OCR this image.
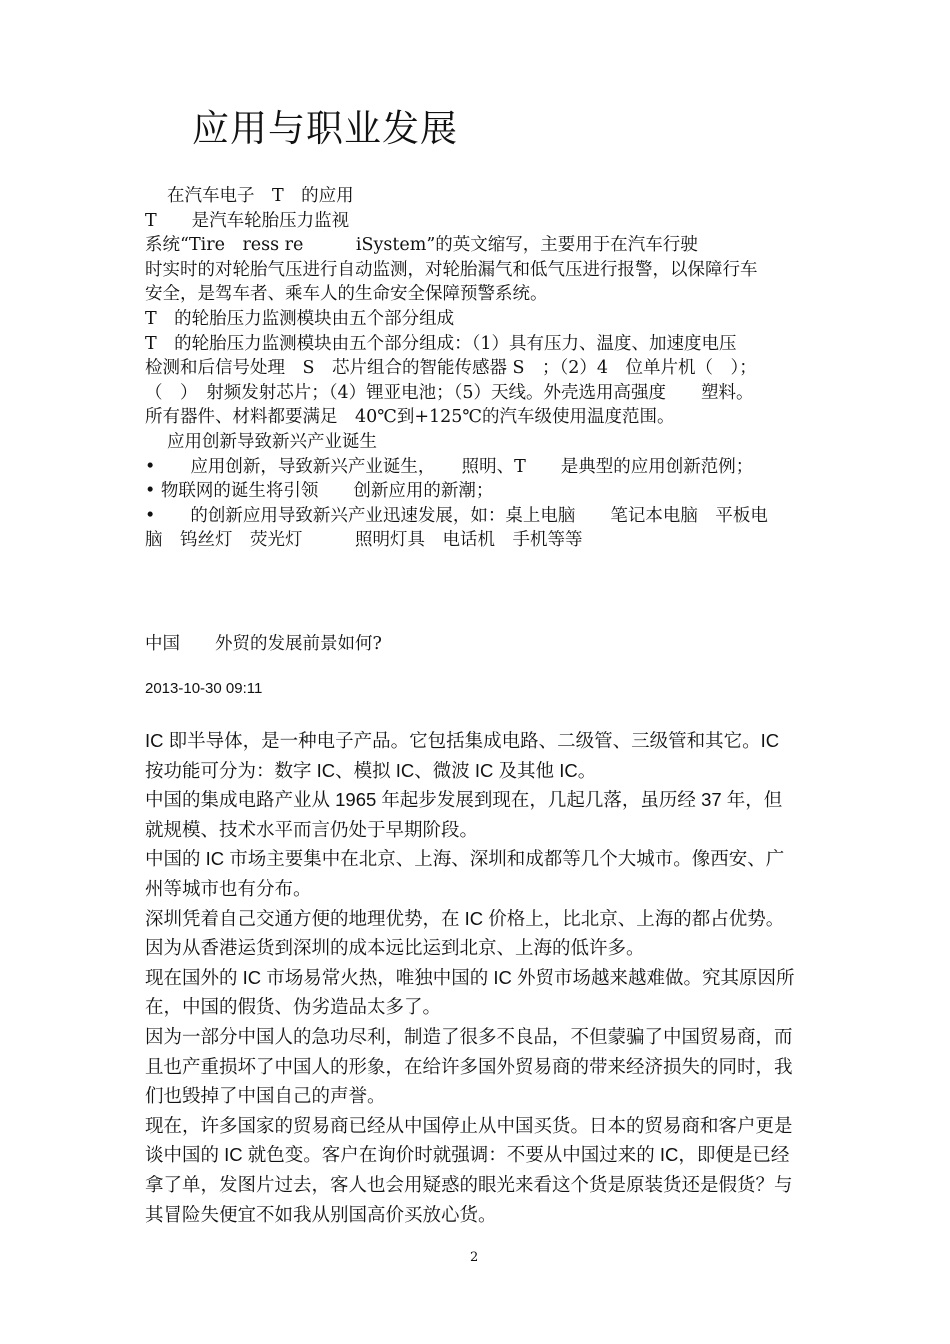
应用与职业发展
在汽车电子　T　的应用
T　　是汽车轮胎压力监视
系统“Tire　ress re　　　iSystem”的英文缩写，主要用于在汽车行驶
时实时的对轮胎气压进行自动监测，对轮胎漏气和低气压进行报警，以保障行车
安全，是驾车者、乘车人的生命安全保障预警系统。
T　的轮胎压力监测模块由五个部分组成
T　的轮胎压力监测模块由五个部分组成：（1）具有压力、温度、加速度电压
检测和后信号处理　S　芯片组合的智能传感器 S　；（2）4　位单片机（　）；
（　）　射频发射芯片；（4）锂亚电池；（5）天线。外壳选用高强度　　塑料。
所有器件、材料都要满足　40℃到+125℃的汽车级使用温度范围。
应用创新导致新兴产业诞生
•　　应用创新，导致新兴产业诞生，　　照明、T　　是典型的应用创新范例；
• 物联网的诞生将引领　　创新应用的新潮；
•　　的创新应用导致新兴产业迅速发展，如：桌上电脑　　笔记本电脑　平板电
脑　钨丝灯　荧光灯　　　照明灯具　电话机　手机等等
中国　　外贸的发展前景如何?
2013-10-30 09:11
IC 即半导体，是一种电子产品。它包括集成电路、二级管、三级管和其它。IC
按功能可分为：数字 IC、模拟 IC、微波 IC 及其他 IC。
中国的集成电路产业从 1965 年起步发展到现在，几起几落，虽历经 37 年，但
就规模、技术水平而言仍处于早期阶段。
中国的 IC 市场主要集中在北京、上海、深圳和成都等几个大城市。像西安、广
州等城市也有分布。
深圳凭着自己交通方便的地理优势，在 IC 价格上，比北京、上海的都占优势。
因为从香港运货到深圳的成本远比运到北京、上海的低许多。
现在国外的 IC 市场易常火热，唯独中国的 IC 外贸市场越来越难做。究其原因所
在，中国的假货、伪劣造品太多了。
因为一部分中国人的急功尽利，制造了很多不良品，不但蒙骗了中国贸易商，而
且也产重损坏了中国人的形象，在给许多国外贸易商的带来经济损失的同时，我
们也毁掉了中国自己的声誉。
现在，许多国家的贸易商已经从中国停止从中国买货。日本的贸易商和客户更是
谈中国的 IC 就色变。客户在询价时就强调：不要从中国过来的 IC，即便是已经
拿了单，发图片过去，客人也会用疑惑的眼光来看这个货是原装货还是假货？与
其冒险失便宜不如我从别国高价买放心货。
2
